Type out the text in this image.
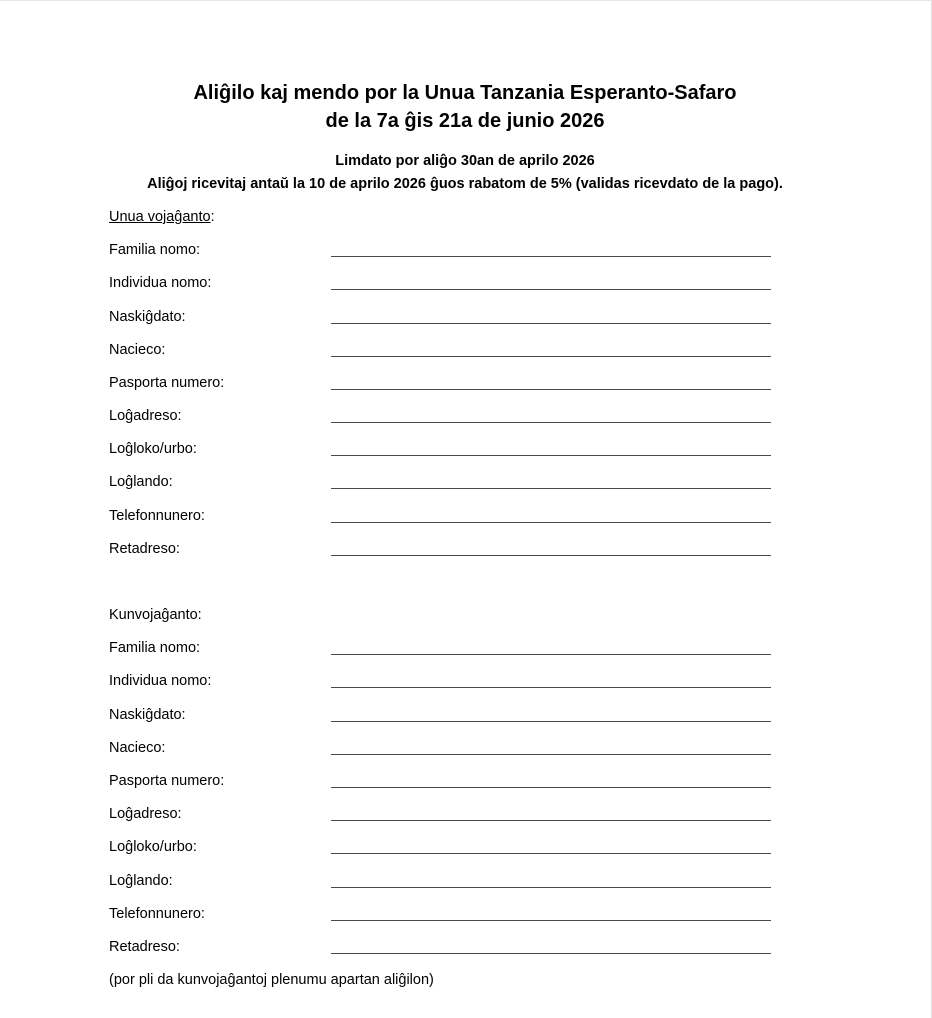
Aliĝilo kaj mendo por la Unua Tanzania Esperanto-Safaro
de la 7a ĝis 21a de junio 2026
Limdato por aliĝo 30an de aprilo 2026
Aliĝoj ricevitaj antaŭ la 10 de aprilo 2026 ĝuos rabatom de 5% (validas ricevdato de la pago).
Unua vojaĝanto:
Familia nomo:
Individua nomo:
Naskiĝdato:
Nacieco:
Pasporta numero:
Loĝadreso:
Loĝloko/urbo:
Loĝlando:
Telefonnunero:
Retadreso:
Kunvojaĝanto:
Familia nomo:
Individua nomo:
Naskiĝdato:
Nacieco:
Pasporta numero:
Loĝadreso:
Loĝloko/urbo:
Loĝlando:
Telefonnunero:
Retadreso:
(por pli da kunvojaĝantoj plenumu apartan aliĝilon)
